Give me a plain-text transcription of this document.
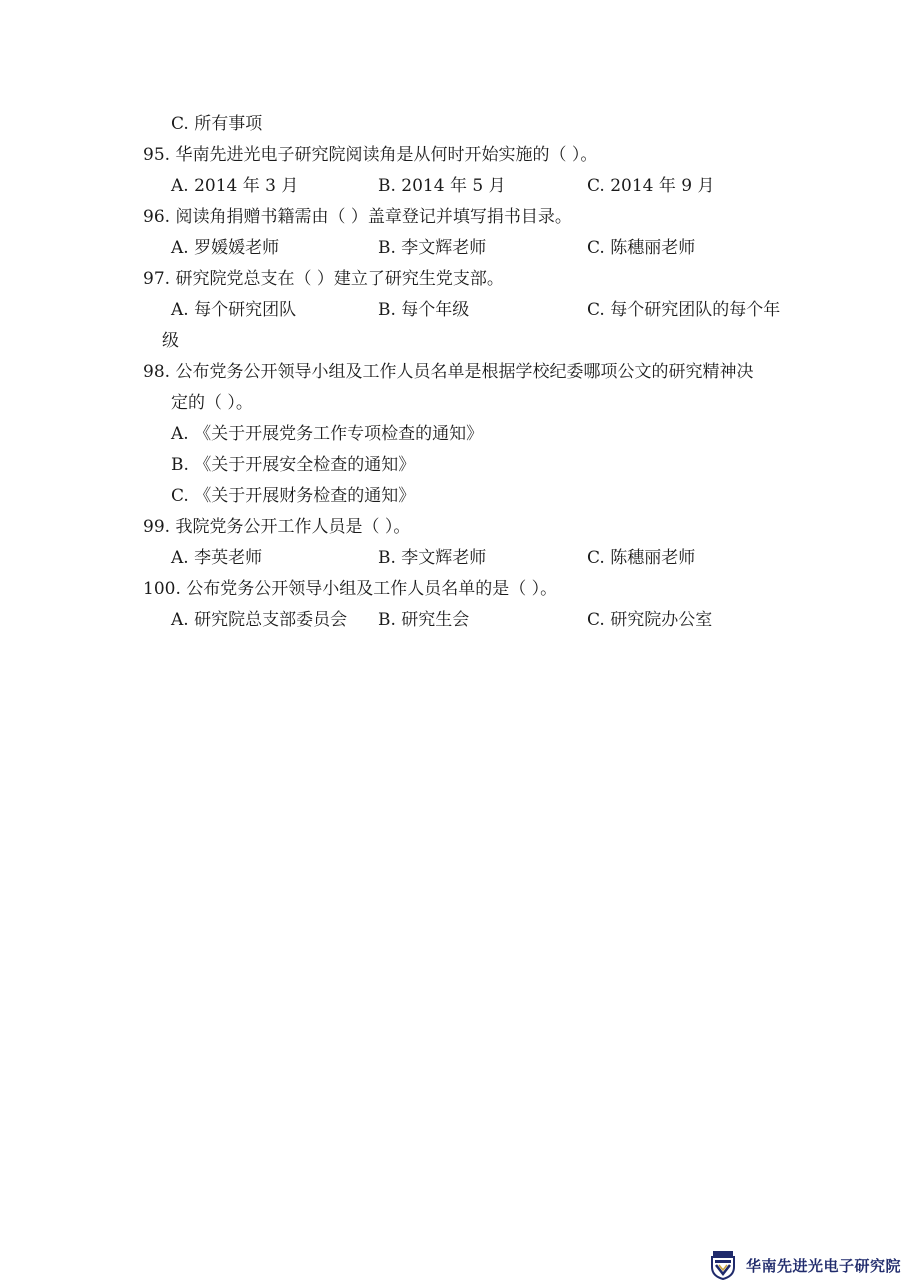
C. 所有事项
95. 华南先进光电子研究院阅读角是从何时开始实施的（ ）。
A. 2014 年 3 月	B. 2014 年 5 月	C. 2014 年 9 月
96. 阅读角捐赠书籍需由（ ）盖章登记并填写捐书目录。
A. 罗媛媛老师	B. 李文辉老师	C. 陈穗丽老师
97. 研究院党总支在（ ）建立了研究生党支部。
A. 每个研究团队	B. 每个年级	C. 每个研究团队的每个年
级
98. 公布党务公开领导小组及工作人员名单是根据学校纪委哪项公文的研究精神决
定的（ ）。
A. 《关于开展党务工作专项检查的通知》
B. 《关于开展安全检查的通知》
C. 《关于开展财务检查的通知》
99. 我院党务公开工作人员是（ ）。
A. 李英老师	B. 李文辉老师	C. 陈穗丽老师
100. 公布党务公开领导小组及工作人员名单的是（ ）。
A. 研究院总支部委员会 B. 研究生会	C. 研究院办公室
华南先进光电子研究院
